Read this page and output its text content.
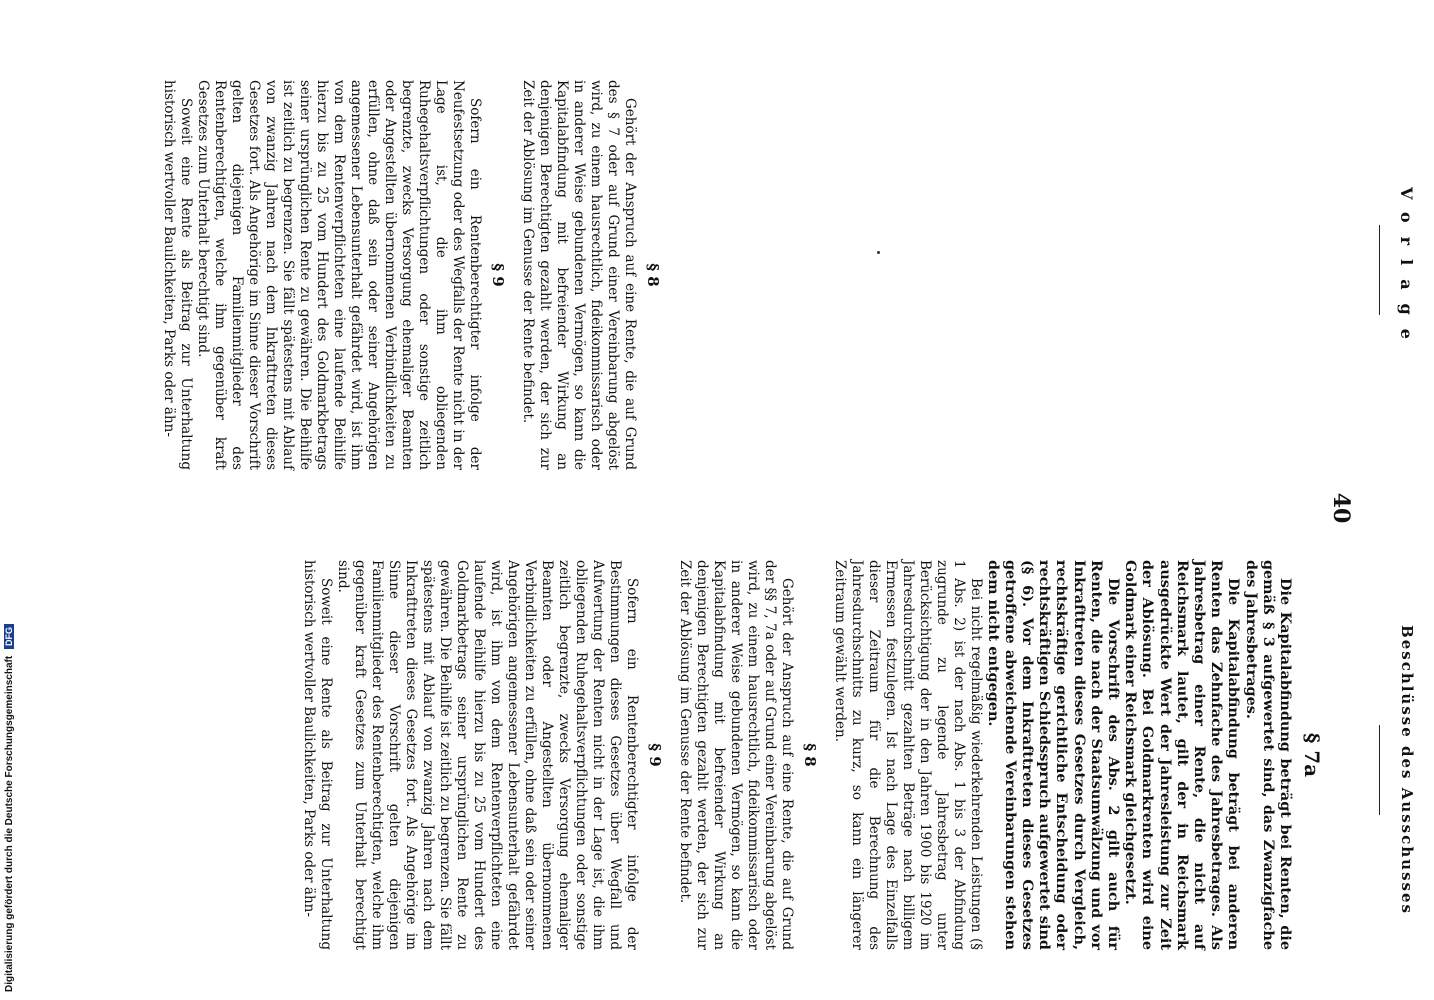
Vorlage
40
Beschlüsse des Ausschusses
§ 8

Gehört der Anspruch auf eine Rente, die auf Grund des § 7 oder auf Grund einer Vereinbarung abgelöst wird, zu einem hausrechtlich, fideikommissarisch oder in anderer Weise gebundenen Vermögen, so kann die Kapitalabfindung mit befreiender Wirkung an denjenigen Berechtigten gezahlt werden, der sich zur Zeit der Ablösung im Genusse der Rente befindet.

§ 9

Sofern ein Rentenberechtigter infolge der Neufestsetzung oder des Wegfalls der Rente nicht in der Lage ist, die ihm obliegenden Ruhegehaltsverpflichtungen oder sonstige zeitlich begrenzte, zwecks Versorgung ehemaliger Beamten oder Angestellten übernommenen Verbindlichkeiten zu erfüllen, ohne daß sein oder seiner Angehörigen angemessener Lebensunterhalt gefährdet wird, ist ihm von dem Rentenverpflichteten eine laufende Beihilfe hierzu bis zu 25 vom Hundert des Goldmarkbetrags seiner ursprünglichen Rente zu gewähren. Die Beihilfe ist zeitlich zu begrenzen. Sie fällt spätestens mit Ablauf von zwanzig Jahren nach dem Inkrafttreten dieses Gesetzes fort. Als Angehörige im Sinne dieser Vorschrift gelten diejenigen Familienmitglieder des Rentenberechtigten, welche ihm gegenüber kraft Gesetzes zum Unterhalt berechtigt sind.

Soweit eine Rente als Beitrag zur Unterhaltung historisch wertvoller Bauilchkeiten, Parks oder ähn-

§ 7a

Die Kapitalabfindung beträgt bei Renten, die gemäß § 3 aufgewertet sind, das Zwanzigfache des Jahresbetrages.

Die Kapitalabfindung beträgt bei anderen Renten das Zehnfache des Jahresbetrages. Als Jahresbetrag einer Rente, die nicht auf Reichsmark lautet, gilt der in Reichsmark ausgedrückte Wert der Jahresleistung zur Zeit der Ablösung. Bei Goldmarkrenten wird eine Goldmark einer Reichsmark gleichgesetzt.

Die Vorschrift des Abs. 2 gilt auch für Renten, die nach der Staatsumwälzung und vor Inkrafttreten dieses Gesetzes durch Vergleich, rechtskräftige gerichtliche Entscheidung oder rechtskräftigen Schiedsspruch aufgewertet sind (§ 6). Vor dem Inkrafttreten dieses Gesetzes getroffene abweichende Vereinbarungen stehen dem nicht entgegen.

Bei nicht regelmäßig wiederkehrenden Leistungen (§ 1 Abs. 2) ist der nach Abs. 1 bis 3 der Abfindung zugrunde zu legende Jahresbetrag unter Berücksichtigung der in den Jahren 1900 bis 1920 im Jahresdurchschnitt gezahlten Beträge nach billigem Ermessen festzulegen. Ist nach Lage des Einzelfalls dieser Zeitraum für die Berechnung des Jahresdurchschnitts zu kurz, so kann ein längerer Zeitraum gewählt werden.

§ 8

Gehört der Anspruch auf eine Rente, die auf Grund der §§ 7, 7a oder auf Grund einer Vereinbarung abgelöst wird, zu einem hausrechtlich, fideikommissarisch oder in anderer Weise gebundenen Vermögen, so kann die Kapitalabfindung mit befreiender Wirkung an denjenigen Berechtigten gezahlt werden, der sich zur Zeit der Ablösung im Genusse der Rente befindet.

§ 9

Sofern ein Rentenberechtigter infolge der Bestimmungen dieses Gesetzes über Wegfall und Aufwertung der Renten nicht in der Lage ist, die ihm obliegenden Ruhegehaltsverpflichtungen oder sonstige zeitlich begrenzte, zwecks Versorgung ehemaliger Beamten oder Angestellten übernommenen Verbindlichkeiten zu erfüllen, ohne daß sein oder seiner Angehörigen angemessener Lebensunterhalt gefährdet wird, ist ihm von dem Rentenverpflichteten eine laufende Beihilfe hierzu bis zu 25 vom Hundert des Goldmarkbetrags seiner ursprünglichen Rente zu gewähren. Die Beihilfe ist zeitlich zu begrenzen. Sie fällt spätestens mit Ablauf von zwanzig Jahren nach dem Inkrafttreten dieses Gesetzes fort. Als Angehörige im Sinne dieser Vorschrift gelten diejenigen Familienmitglieder des Rentenberechtigten, welche ihm gegenüber kraft Gesetzes zum Unterhalt berechtigt sind.

Soweit eine Rente als Beitrag zur Unterhaltung historisch wertvoller Baulichkeiten, Parks oder ähn-

Digitalisierung gefördert durch die Deutsche Forschungsgemeinschaft DFG
